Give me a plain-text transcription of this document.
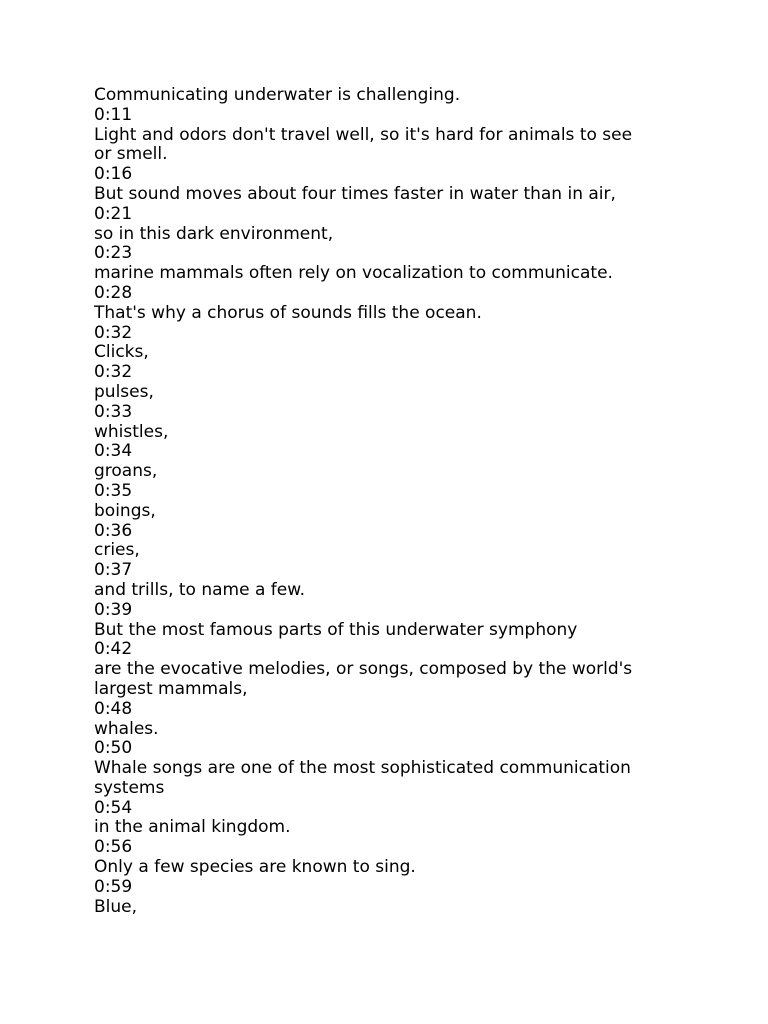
Communicating underwater is challenging.
0:11
Light and odors don't travel well, so it's hard for animals to see
or smell.
0:16
But sound moves about four times faster in water than in air,
0:21
so in this dark environment,
0:23
marine mammals often rely on vocalization to communicate.
0:28
That's why a chorus of sounds fills the ocean.
0:32
Clicks,
0:32
pulses,
0:33
whistles,
0:34
groans,
0:35
boings,
0:36
cries,
0:37
and trills, to name a few.
0:39
But the most famous parts of this underwater symphony
0:42
are the evocative melodies, or songs, composed by the world's
largest mammals,
0:48
whales.
0:50
Whale songs are one of the most sophisticated communication
systems
0:54
in the animal kingdom.
0:56
Only a few species are known to sing.
0:59
Blue,
